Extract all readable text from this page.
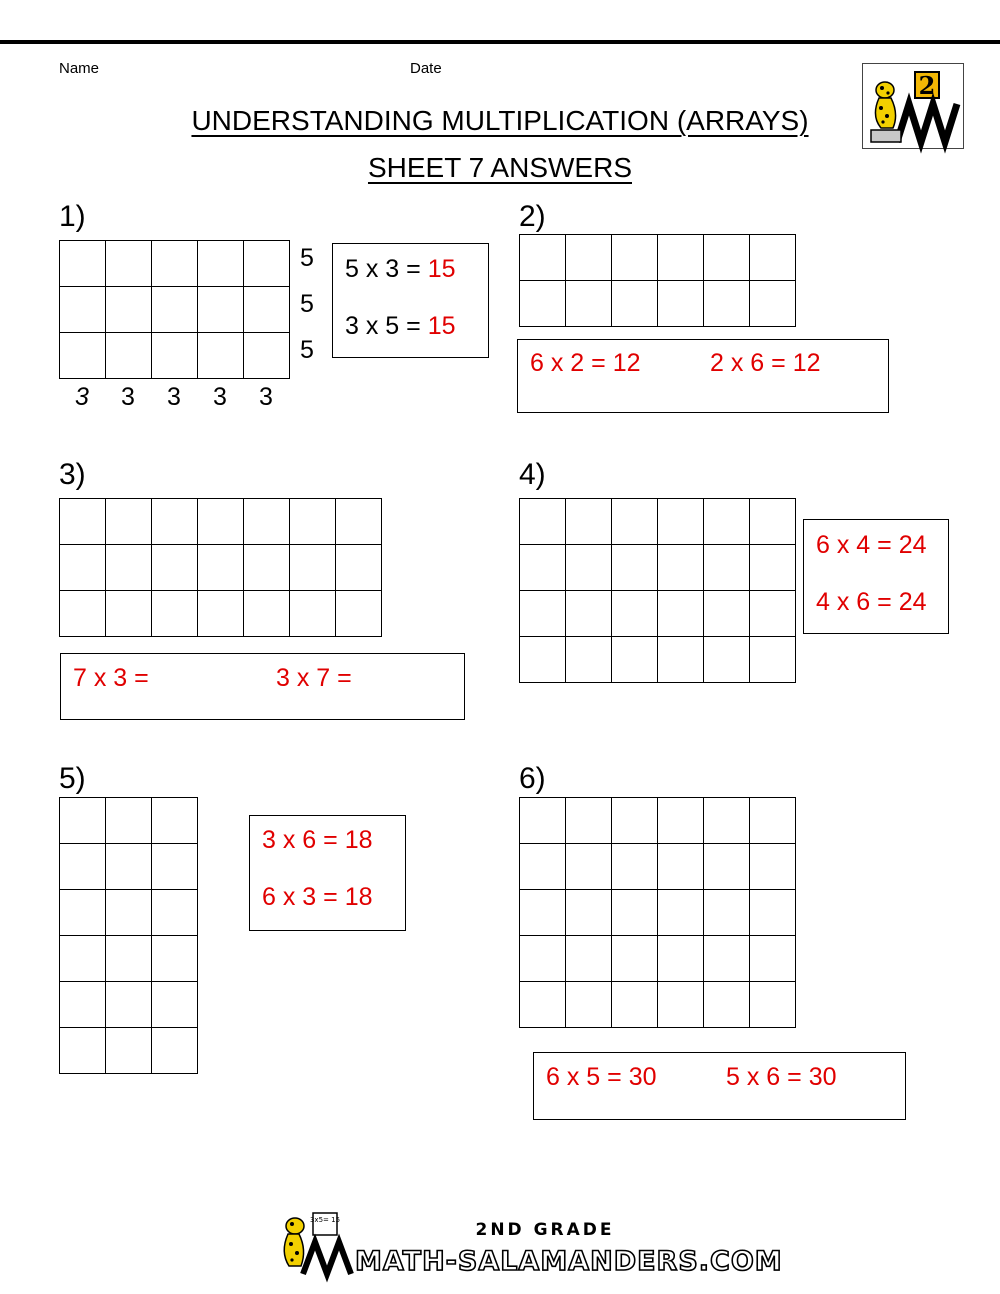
Name	Date
UNDERSTANDING MULTIPLICATION (ARRAYS)
SHEET 7 ANSWERS
2
1)
5
5
5
3	3	3	3	3
5 x 3 = 15
3 x 5 = 15
2)
6 x 2 = 12	2 x 6 = 12
3)
7 x 3 =	3 x 7 =
4)
6 x 4 = 24
4 x 6 = 24
5)
3 x 6 = 18
6 x 3 = 18
6)
6 x 5 = 30	5 x 6 = 30
3x5= 15	2ND GRADE
MATH-SALAMANDERS.COM
